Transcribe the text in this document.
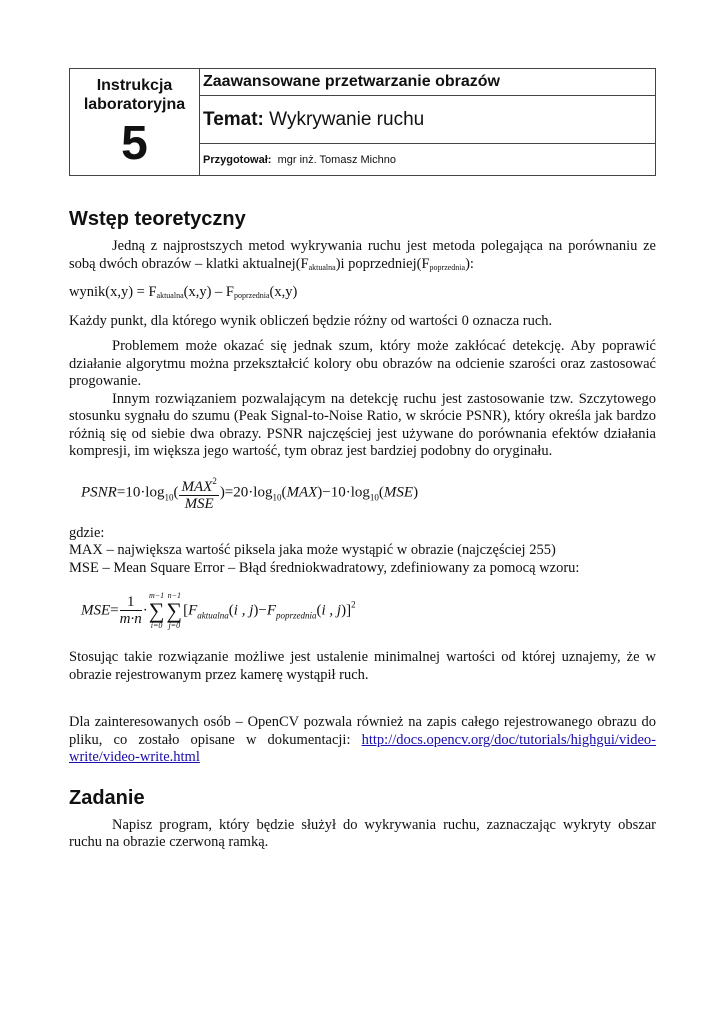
Instrukcja
laboratoryjna
5
	Zaawansowane przetwarzanie obrazów
Temat: Wykrywanie ruchu
Przygotował: mgr inż. Tomasz Michno
Wstęp teoretyczny

Jedną z najprostszych metod wykrywania ruchu jest metoda polegająca na porównaniu ze sobą dwóch obrazów – klatki $aktualnej(F_{aktualna})i$ $poprzedniej(F_{poprzednia})$:

wynik(x,y) = $F_{aktualna}(x,y) - F_{poprzednia}(x,y)$

Każdy punkt, dla którego wynik obliczeń będzie różny od wartości 0 oznacza ruch.

Problemem może okazać się jednak szum, który może zakłócać detekcję. Aby poprawić działanie algorytmu można przekształcić kolory obu obrazów na odcienie szarości oraz zastosować progowanie.

Innym rozwiązaniem pozwalającym na detekcję ruchu jest zastosowanie tzw. Szczytowego stosunku sygnału do szumu (Peak Signal-to-Noise Ratio, w skrócie PSNR), który określa jak bardzo różnią się od siebie dwa obrazy. PSNR najczęściej jest używane do porównania efektów działania kompresji, im większa jego wartość, tym obraz jest bardziej podobny do oryginału.

$PSNR=10\cdot\log_{10}( \frac{MAX^2}{\text{MSE}} )=20\cdot\log_{10}(MAX)-10\cdot\log_{10}(MSE)$

gdzie:

MAX – największa wartość piksela jaka może wystąpić w obrazie (najczęściej 255)

MSE – Mean Square Error – Błąd średniokwadratowy, zdefiniowany za pomocą wzoru:

$MSE= \frac{1}{m\cdot n}$ ·
m−1
∑
i=0
n−1
∑
j=0
[$F_{aktualna}(i$ , $j)-F_{poprzednia}(i$ , j)]$^2$

Stosując takie rozwiązanie możliwe jest ustalenie minimalnej wartości od której uznajemy, że w obrazie rejestrowanym przez kamerę wystąpił ruch.

Dla zainteresowanych osób – OpenCV pozwala również na zapis całego rejestrowanego obrazu do pliku, co zostało opisane w dokumentacji: http://docs.opencv.org/doc/tutorials/highgui/video-write/video-write.html

Zadanie

Napisz program, który będzie służył do wykrywania ruchu, zaznaczając wykryty obszar ruchu na obrazie czerwoną ramką.
